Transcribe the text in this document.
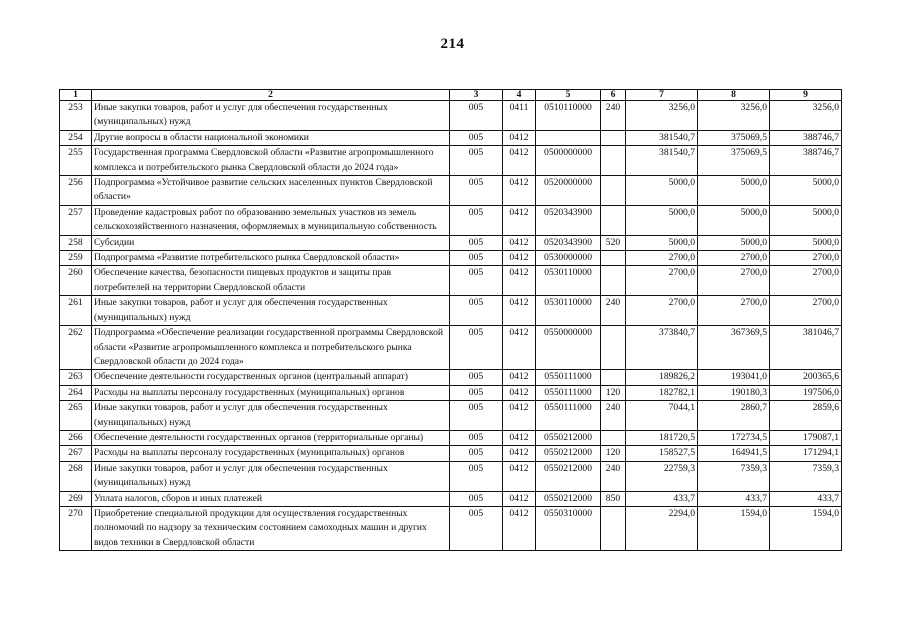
214
1	2	3	4	5	6	7	8	9
253	Иные закупки товаров, работ и услуг для обеспечения государственных (муниципальных) нужд	005	0411	0510110000	240	3256,0	3256,0	3256,0
254	Другие вопросы в области национальной экономики	005	0412			381540,7	375069,5	388746,7
255	Государственная программа Свердловской области «Развитие агропромышленного комплекса и потребительского рынка Свердловской области до 2024 года»	005	0412	0500000000		381540,7	375069,5	388746,7
256	Подпрограмма «Устойчивое развитие сельских населенных пунктов Свердловской области»	005	0412	0520000000		5000,0	5000,0	5000,0
257	Проведение кадастровых работ по образованию земельных участков из земель сельскохозяйственного назначения, оформляемых в муниципальную собственность	005	0412	0520343900		5000,0	5000,0	5000,0
258	Субсидии	005	0412	0520343900	520	5000,0	5000,0	5000,0
259	Подпрограмма «Развитие потребительского рынка Свердловской области»	005	0412	0530000000		2700,0	2700,0	2700,0
260	Обеспечение качества, безопасности пищевых продуктов и защиты прав потребителей на территории Свердловской области	005	0412	0530110000		2700,0	2700,0	2700,0
261	Иные закупки товаров, работ и услуг для обеспечения государственных (муниципальных) нужд	005	0412	0530110000	240	2700,0	2700,0	2700,0
262	Подпрограмма «Обеспечение реализации государственной программы Свердловской области «Развитие агропромышленного комплекса и потребительского рынка Свердловской области до 2024 года»	005	0412	0550000000		373840,7	367369,5	381046,7
263	Обеспечение деятельности государственных органов (центральный аппарат)	005	0412	0550111000		189826,2	193041,0	200365,6
264	Расходы на выплаты персоналу государственных (муниципальных) органов	005	0412	0550111000	120	182782,1	190180,3	197506,0
265	Иные закупки товаров, работ и услуг для обеспечения государственных (муниципальных) нужд	005	0412	0550111000	240	7044,1	2860,7	2859,6
266	Обеспечение деятельности государственных органов (территориальные органы)	005	0412	0550212000		181720,5	172734,5	179087,1
267	Расходы на выплаты персоналу государственных (муниципальных) органов	005	0412	0550212000	120	158527,5	164941,5	171294,1
268	Иные закупки товаров, работ и услуг для обеспечения государственных (муниципальных) нужд	005	0412	0550212000	240	22759,3	7359,3	7359,3
269	Уплата налогов, сборов и иных платежей	005	0412	0550212000	850	433,7	433,7	433,7
270	Приобретение специальной продукции для осуществления государственных полномочий по надзору за техническим состоянием самоходных машин и других видов техники в Свердловской области	005	0412	0550310000		2294,0	1594,0	1594,0
